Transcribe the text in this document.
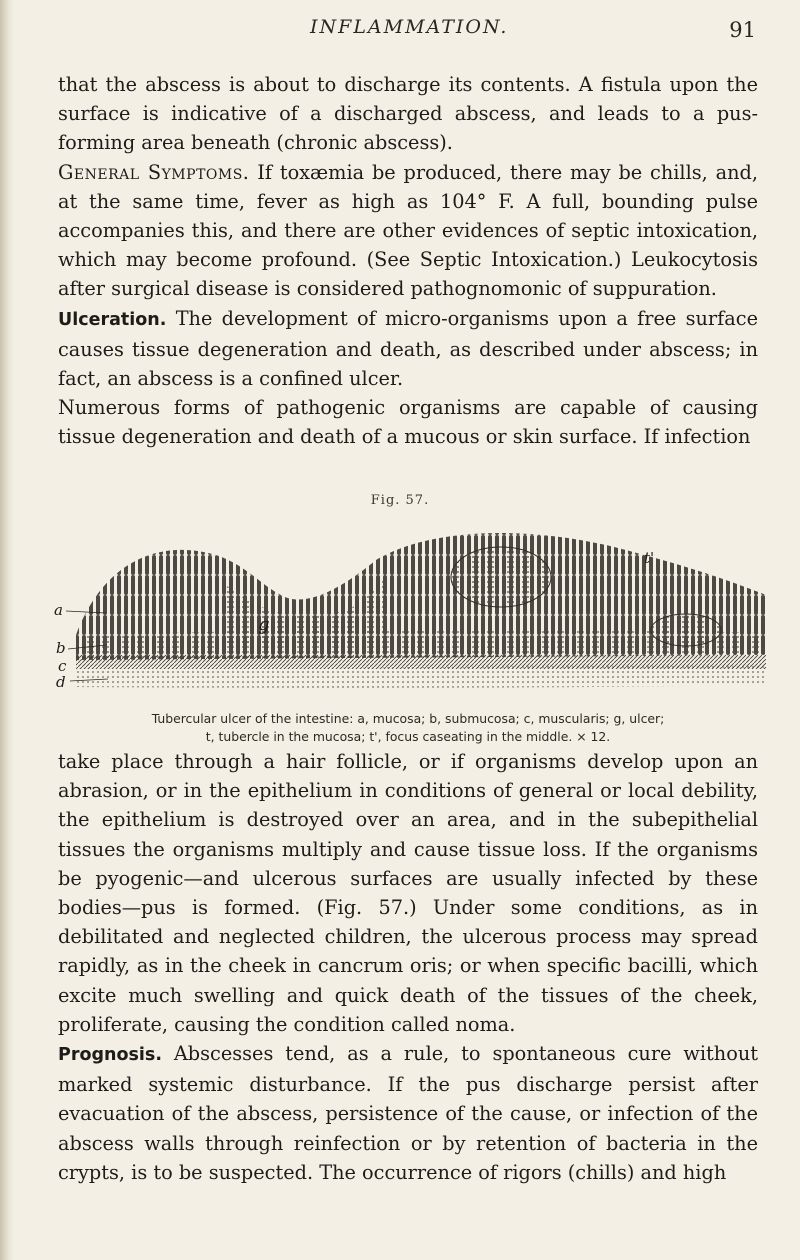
INFLAMMATION.	91

that the abscess is about to discharge its contents. A fistula upon the surface is indicative of a discharged abscess, and leads to a pus-forming area beneath (chronic abscess).

General Symptoms. If toxæmia be produced, there may be chills, and, at the same time, fever as high as 104° F. A full, bounding pulse accompanies this, and there are other evidences of septic intoxication, which may become profound. (See Septic Intoxication.) Leukocytosis after surgical disease is considered pathognomonic of suppuration.

Ulceration. The development of micro-organisms upon a free surface causes tissue degeneration and death, as described under abscess; in fact, an abscess is a confined ulcer.

Numerous forms of pathogenic organisms are capable of causing tissue degeneration and death of a mucous or skin surface. If infection

Fig. 57.
a
b
c
d
g
t'
Tubercular ulcer of the intestine: a, mucosa; b, submucosa; c, muscularis; g, ulcer;
t, tubercle in the mucosa; t', focus caseating in the middle. × 12.

take place through a hair follicle, or if organisms develop upon an abrasion, or in the epithelium in conditions of general or local debility, the epithelium is destroyed over an area, and in the subepithelial tissues the organisms multiply and cause tissue loss. If the organisms be pyogenic—and ulcerous surfaces are usually infected by these bodies—pus is formed. (Fig. 57.) Under some conditions, as in debilitated and neglected children, the ulcerous process may spread rapidly, as in the cheek in cancrum oris; or when specific bacilli, which excite much swelling and quick death of the tissues of the cheek, proliferate, causing the condition called noma.

Prognosis. Abscesses tend, as a rule, to spontaneous cure without marked systemic disturbance. If the pus discharge persist after evacuation of the abscess, persistence of the cause, or infection of the abscess walls through reinfection or by retention of bacteria in the crypts, is to be suspected. The occurrence of rigors (chills) and high
